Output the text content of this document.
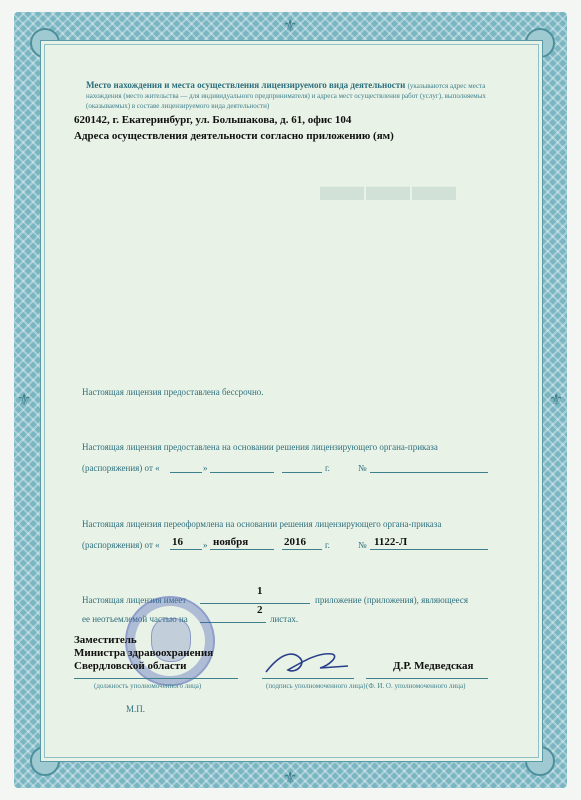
⚜
⚜
⚜	⚜
▬▬▬
Место нахождения и места осуществления лицензируемого вида деятельности (указываются адрес места нахождения (место жительства — для индивидуального предпринимателя) и адреса мест осуществления работ (услуг), выполняемых (оказываемых) в составе лицензируемого вида деятельности)
620142, г. Екатеринбург, ул. Большакова, д. 61, офис 104
Адреса осуществления деятельности согласно приложению (ям)
Настоящая лицензия предоставлена бессрочно.
Настоящая лицензия предоставлена на основании решения лицензирующего органа-приказа
(распоряжения) от «	»	г.	№
Настоящая лицензия переоформлена на основании решения лицензирующего органа-приказа
(распоряжения) от « 16 » ноября	2016 г.	№ 1122-Л
Настоящая лицензия имеет
1
приложение (приложения), являющееся
ее неотъемлемой частью на
2
листах.
Заместитель
Министра здравоохранения
Свердловской области	Д.Р. Медведская
(должность уполномоченного лица)	(подпись уполномоченного лица) (Ф. И. О. уполномоченного лица)
М.П.
